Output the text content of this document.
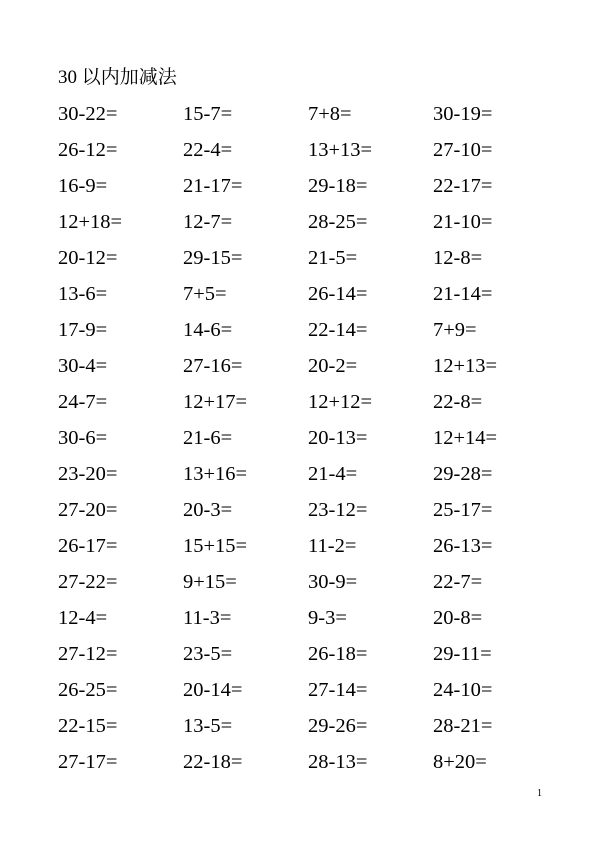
30 以内加减法
30-22=	15-7=	7+8=	30-19=
26-12=	22-4=	13+13=	27-10=
16-9=	21-17=	29-18=	22-17=
12+18=	12-7=	28-25=	21-10=
20-12=	29-15=	21-5=	12-8=
13-6=	7+5=	26-14=	21-14=
17-9=	14-6=	22-14=	7+9=
30-4=	27-16=	20-2=	12+13=
24-7=	12+17=	12+12=	22-8=
30-6=	21-6=	20-13=	12+14=
23-20=	13+16=	21-4=	29-28=
27-20=	20-3=	23-12=	25-17=
26-17=	15+15=	11-2=	26-13=
27-22=	9+15=	30-9=	22-7=
12-4=	11-3=	9-3=	20-8=
27-12=	23-5=	26-18=	29-11=
26-25=	20-14=	27-14=	24-10=
22-15=	13-5=	29-26=	28-21=
27-17=	22-18=	28-13=	8+20=
1
